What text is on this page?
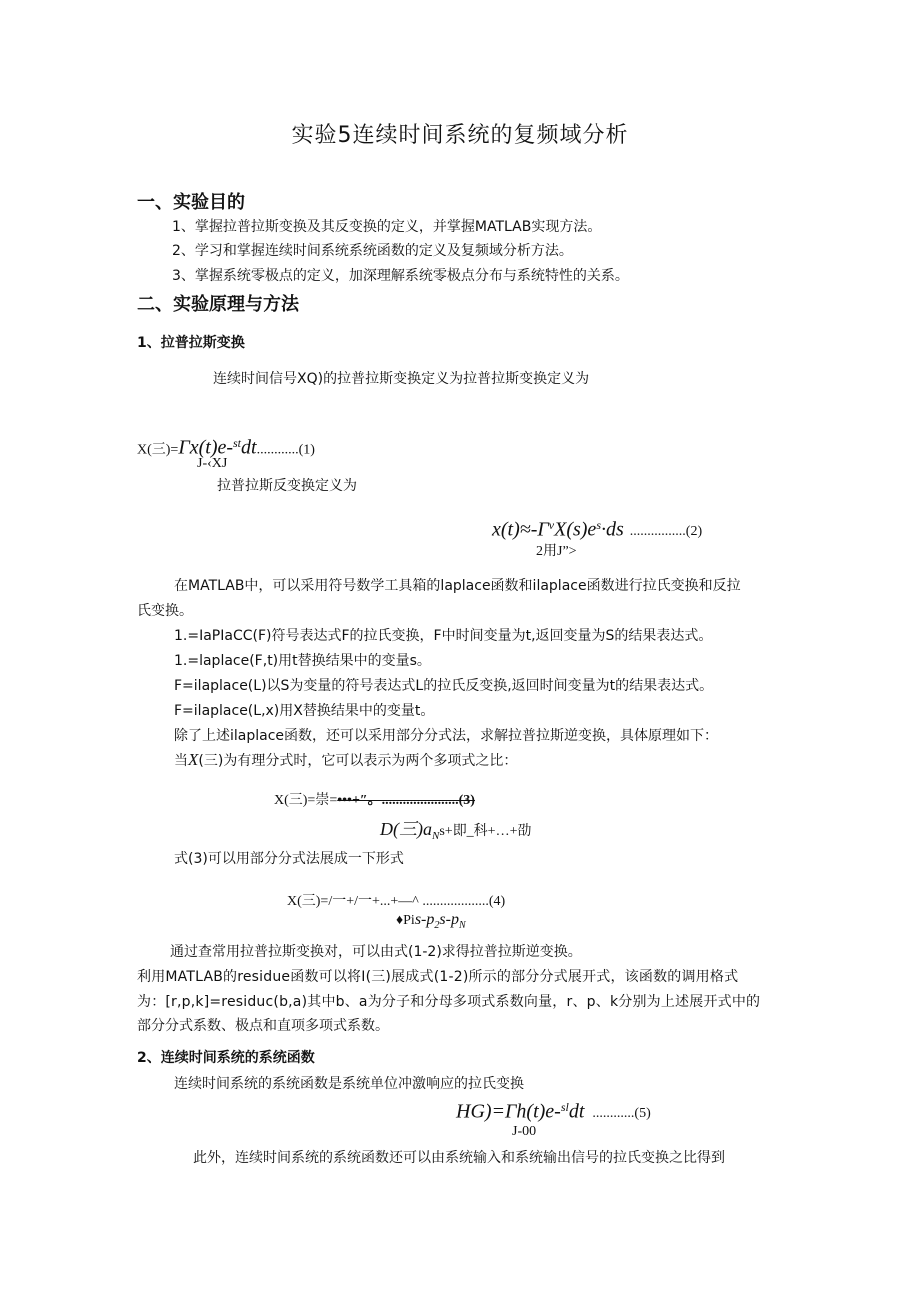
实验5连续时间系统的复频域分析
一、实验目的
1、掌握拉普拉斯变换及其反变换的定义，并掌握MATLAB实现方法。
2、学习和掌握连续时间系统系统函数的定义及复频域分析方法。
3、掌握系统零极点的定义，加深理解系统零极点分布与系统特性的关系。
二、实验原理与方法
1、拉普拉斯变换
连续时间信号XQ)的拉普拉斯变换定义为拉普拉斯变换定义为
X(三)=Γx(t)e-$^{st}$dt............(1)
J-‹XJ
拉普拉斯反变换定义为
$x(t)\approx-\Gamma^vX(s)e^s\cdot ds$ ................(2)
2用J”>
在MATLAB中，可以采用符号数学工具箱的laplace函数和ilaplace函数进行拉氏变换和反拉
氏变换。
1.=IaPIaCC(F)符号表达式F的拉氏变换，F中时间变量为t,返回变量为S的结果表达式。
1.=laplace(F,t)用t替换结果中的变量s。
F=ilaplace(L)以S为变量的符号表达式L的拉氏反变换,返回时间变量为t的结果表达式。
F=ilaplace(L,x)用X替换结果中的变量t。
除了上述ilaplace函数，还可以采用部分分式法，求解拉普拉斯逆变换，具体原理如下：
当X(三)为有理分式时，它可以表示为两个多项式之比：
X(三)=崇=•••+″。......................(3)
D(三)$a_Ns+$即_科+…+劭
式(3)可以用部分分式法展成一下形式
X(三)=/一+/一+...+—^ ...................(4)
$♦Pis-p_2s-p_N$
通过查常用拉普拉斯变换对，可以由式(1-2)求得拉普拉斯逆变换。
利用MATLAB的residue函数可以将I(三)展成式(1-2)所示的部分分式展开式，该函数的调用格式
为：[r,p,k]=residuc(b,a)其中b、a为分子和分母多项式系数向量，r、p、k分别为上述展开式中的
部分分式系数、极点和直项多项式系数。
2、连续时间系统的系统函数
连续时间系统的系统函数是系统单位冲激响应的拉氏变换
HG)=Γh(t)e-$^{sl}$dt ............(5)
J-00
此外，连续时间系统的系统函数还可以由系统输入和系统输出信号的拉氏变换之比得到
